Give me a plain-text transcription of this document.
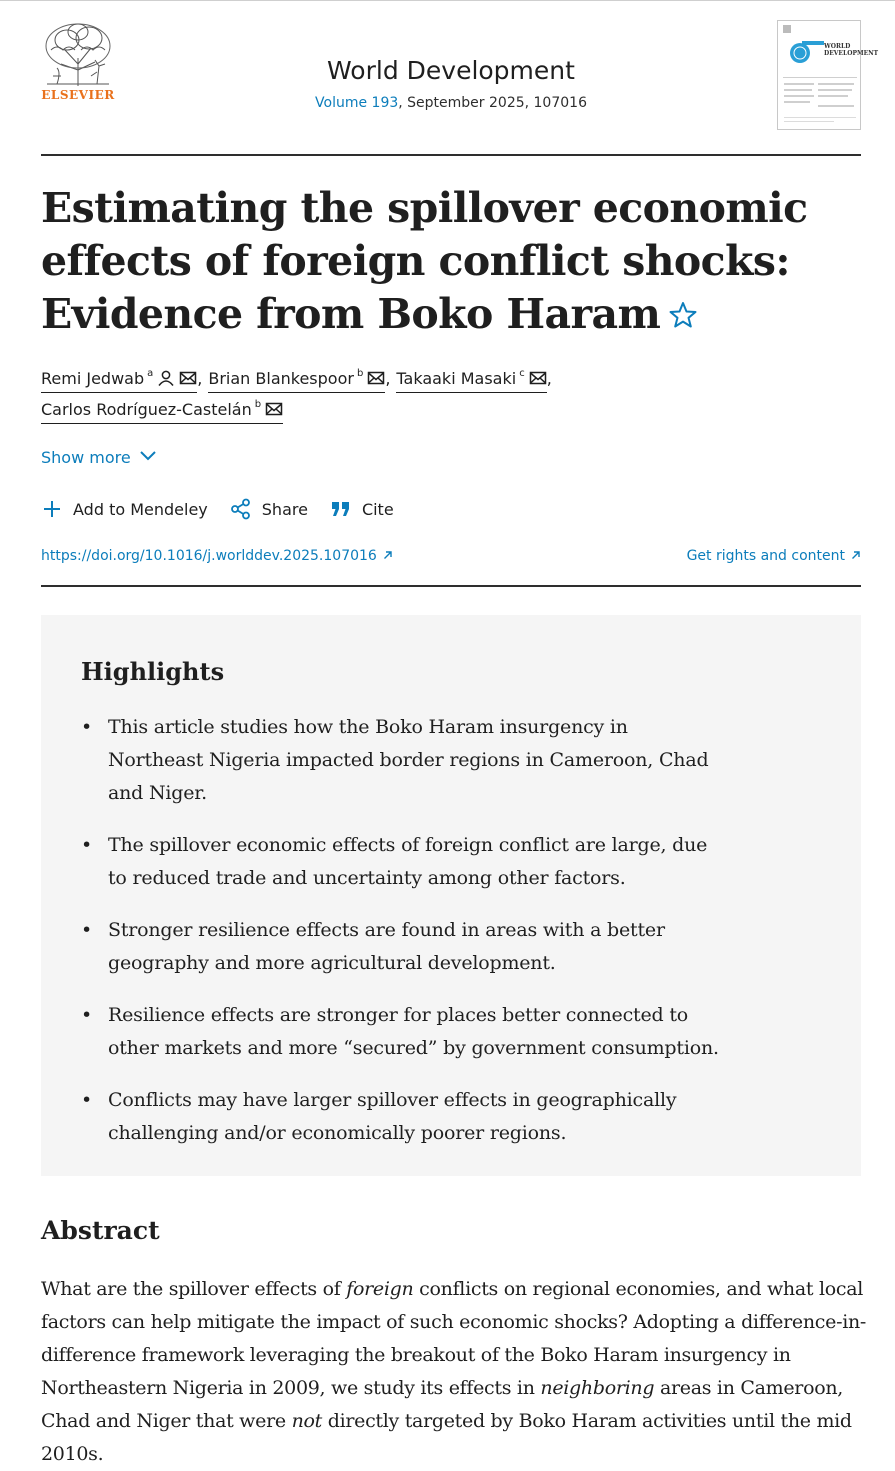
ELSEVIER
World Development
Volume 193, September 2025, 107016
WORLD DEVELOPMENT
Estimating the spillover economic effects of foreign conflict shocks: Evidence from Boko Haram
Remi Jedwab $^a$	, Brian Blankespoor $^b$ , Takaaki Masaki $^c$ ,
Carlos Rodríguez-Castelán $^b$
Show more
Add to Mendeley	Share	Cite
https://doi.org/10.1016/j.worlddev.2025.107016	Get rights and content
Highlights
• This article studies how the Boko Haram insurgency in Northeast Nigeria impacted border regions in Cameroon, Chad and Niger.
• The spillover economic effects of foreign conflict are large, due to reduced trade and uncertainty among other factors.
• Stronger resilience effects are found in areas with a better geography and more agricultural development.
• Resilience effects are stronger for places better connected to other markets and more “secured” by government consumption.
• Conflicts may have larger spillover effects in geographically challenging and/or economically poorer regions.
Abstract

What are the spillover effects of foreign conflicts on regional economies, and what local factors can help mitigate the impact of such economic shocks? Adopting a difference-in-difference framework leveraging the breakout of the Boko Haram insurgency in Northeastern Nigeria in 2009, we study its effects in neighboring areas in Cameroon, Chad and Niger that were not directly targeted by Boko Haram activities until the mid 2010s.
